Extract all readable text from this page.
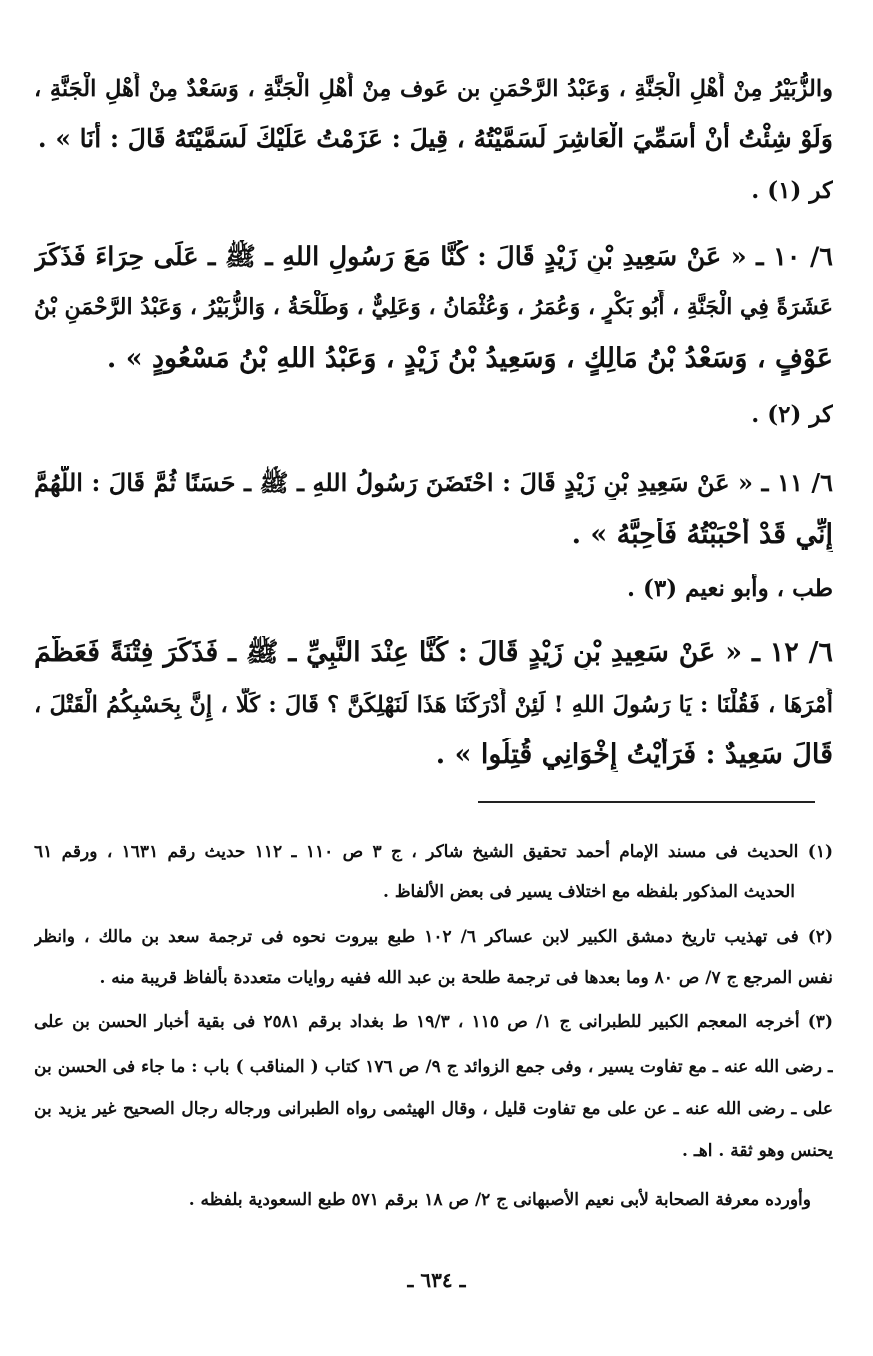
والزُّبَيْرُ مِنْ أَهْلِ الْجَنَّةِ ، وَعَبْدُ الرَّحْمَنِ بن عَوف مِنْ أَهْلِ الْجَنَّةِ ، وَسَعْدٌ مِنْ أَهْلِ الْجَنَّةِ ،
وَلَوْ شِئْتُ أَنْ أُسَمِّيَ الْعَاشِرَ لَسَمَّيْتُهُ ، قِيلَ : عَزَمْتُ عَلَيْكَ لَسَمَّيْتَهُ قَالَ : أَنَا » .
كر (١) .
٦/ ١٠ ـ « عَنْ سَعِيدِ بْنِ زَيْدٍ قَالَ : كُنَّا مَعَ رَسُولِ اللهِ ـ ﷺ ـ عَلَى حِرَاءَ فَذَكَرَ
عَشَرَةً فِي الْجَنَّةِ ، أَبُو بَكْرٍ ، وَعُمَرُ ، وَعُثْمَانُ ، وَعَلِيٌّ ، وَطَلْحَةُ ، وَالزُّبَيْرُ ، وَعَبْدُ الرَّحْمَنِ بْنُ
عَوْفٍ ، وَسَعْدُ بْنُ مَالِكٍ ، وَسَعِيدُ بْنُ زَيْدٍ ، وَعَبْدُ اللهِ بْنُ مَسْعُودٍ » .
كر (٢) .
٦/ ١١ ـ « عَنْ سَعِيدِ بْنِ زَيْدٍ قَالَ : احْتَضَنَ رَسُولُ اللهِ ـ ﷺ ـ حَسَنًا ثُمَّ قَالَ : اللَّهُمَّ
إِنِّي قَدْ أَحْبَبْتُهُ فَأَحِبَّهُ » .
طب ، وأبو نعيم (٣) .
٦/ ١٢ ـ « عَنْ سَعِيدِ بْنِ زَيْدٍ قَالَ : كُنَّا عِنْدَ النَّبِيِّ ـ ﷺ ـ فَذَكَرَ فِتْنَةً فَعَظَّمَ
أَمْرَهَا ، فَقُلْنَا : يَا رَسُولَ اللهِ ! لَئِنْ أَدْرَكَنَا هَذَا لَنَهْلِكَنَّ ؟ قَالَ : كَلَّا ، إِنَّ بِحَسْبِكُمُ الْقَتْلَ ،
قَالَ سَعِيدٌ : فَرَأَيْتُ إِخْوَانِي قُتِلُوا » .
(١) الحديث فى مسند الإمام أحمد تحقيق الشيخ شاكر ، ج ٣ ص ١١٠ ـ ١١٢ حديث رقم ١٦٣١ ، ورقم ٦١
الحديث المذكور بلفظه مع اختلاف يسير فى بعض الألفاظ .
(٢) فى تهذيب تاريخ دمشق الكبير لابن عساكر ٦/ ١٠٢ طبع بيروت نحوه فى ترجمة سعد بن مالك ، وانظر
نفس المرجع ج ٧/ ص ٨٠ وما بعدها فى ترجمة طلحة بن عبد الله ففيه روايات متعددة بألفاظ قريبة منه .
(٣) أخرجه المعجم الكبير للطبرانى ج ١/ ص ١١٥ ، ١٩/٣ ط بغداد برقم ٢٥٨١ فى بقية أخبار الحسن بن على
ـ رضى الله عنه ـ مع تفاوت يسير ، وفى جمع الزوائد ج ٩/ ص ١٧٦ كتاب ( المناقب ) باب : ما جاء فى الحسن بن
على ـ رضى الله عنه ـ عن على مع تفاوت قليل ، وقال الهيثمى رواه الطبرانى ورجاله رجال الصحيح غير يزيد بن
يحنس وهو ثقة . اهـ .
وأورده معرفة الصحابة لأبى نعيم الأصبهانى ج ٢/ ص ١٨ برقم ٥٧١ طبع السعودية بلفظه .
ـ ٦٣٤ ـ
